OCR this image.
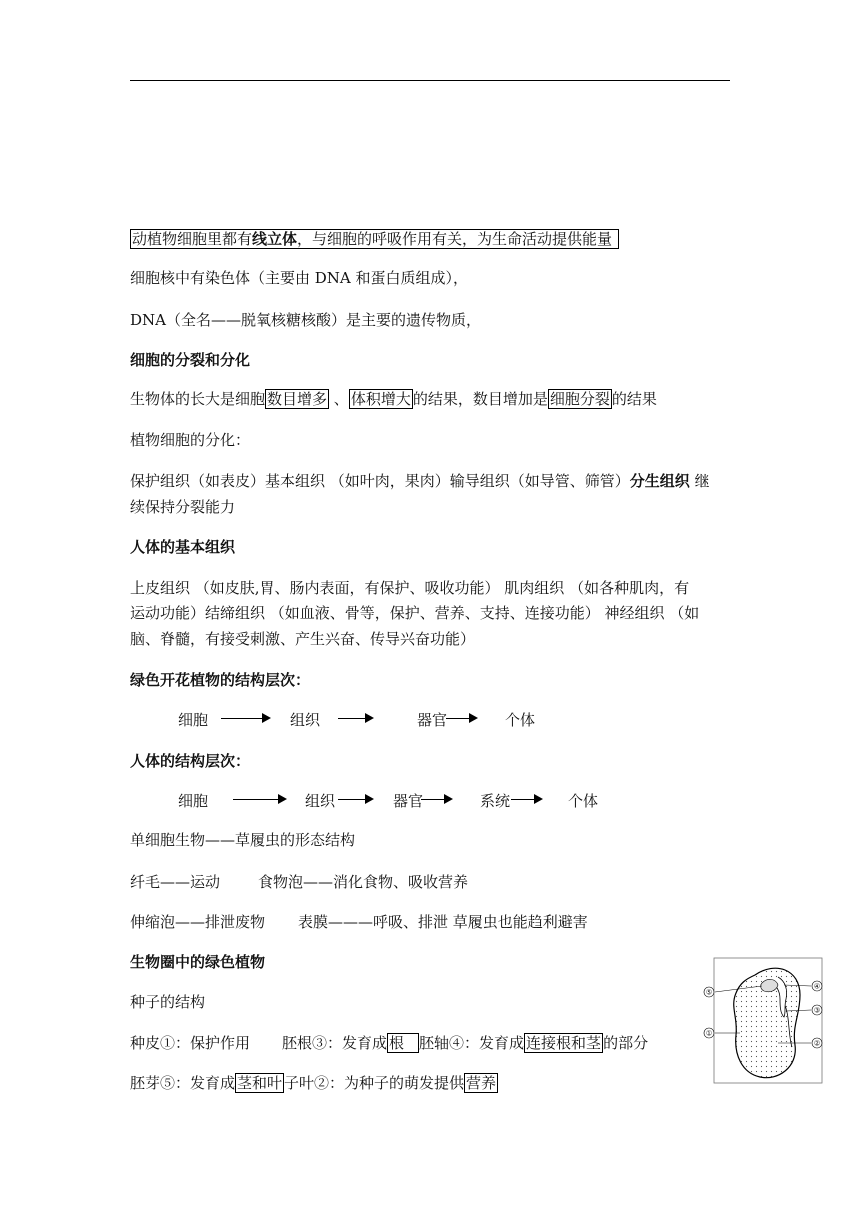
动植物细胞里都有线立体，与细胞的呼吸作用有关，为生命活动提供能量
细胞核中有染色体（主要由 DNA 和蛋白质组成），
DNA（全名——脱氧核糖核酸）是主要的遗传物质，
细胞的分裂和分化
生物体的长大是细胞 数目增多 、 体积增大 的结果，数目增加是 细胞分裂 的结果
植物细胞的分化：
保护组织（如表皮）基本组织 （如叶肉，果肉）输导组织（如导管、筛管）分生组织 继
续保持分裂能力
人体的基本组织
上皮组织 （如皮肤,胃、肠内表面，有保护、吸收功能） 肌肉组织 （如各种肌肉，有
运动功能）结缔组织 （如血液、骨等，保护、营养、支持、连接功能） 神经组织 （如
脑、脊髓，有接受刺激、产生兴奋、传导兴奋功能）
绿色开花植物的结构层次：
细胞	组织	器官	个体
人体的结构层次：
细胞	组织	器官	系统	个体
单细胞生物——草履虫的形态结构
纤毛——运动	食物泡——消化食物、吸收营养
伸缩泡——排泄废物 表膜———呼吸、排泄 草履虫也能趋利避害
生物圈中的绿色植物
种子的结构
种皮①：保护作用 胚根③：发育成 根 胚轴④：发育成 连接根和茎 的部分
胚芽⑤：发育成 茎和叶 子叶②：为种子的萌发提供 营养
⑤
①
④
③
②
